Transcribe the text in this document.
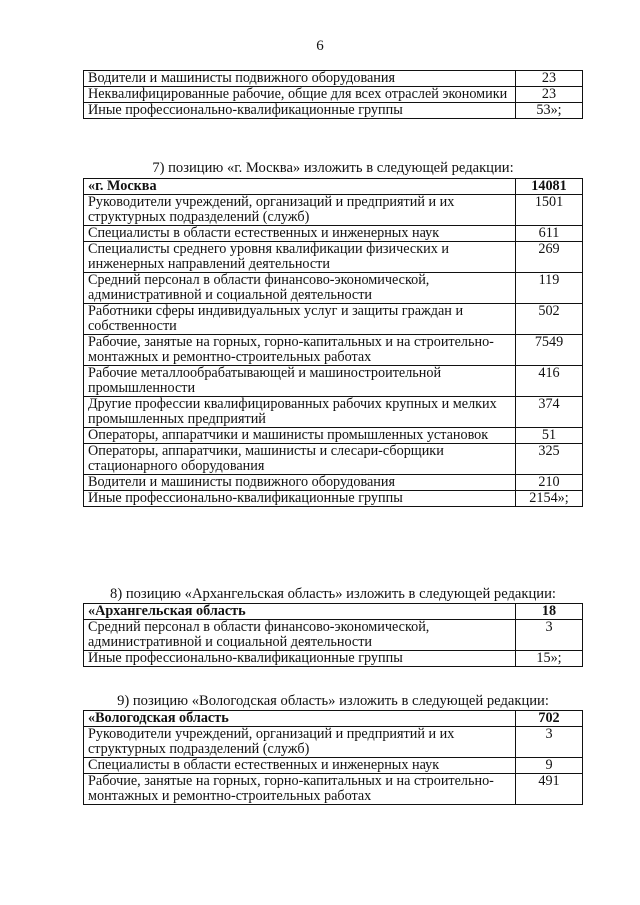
6
Водители и машинисты подвижного оборудования	23
Неквалифицированные рабочие, общие для всех отраслей экономики	23
Иные профессионально-квалификационные группы	53»;
7) позицию «г. Москва» изложить в следующей редакции:
«г. Москва	14081
Руководители учреждений, организаций и предприятий и их структурных подразделений (служб)	1501
Специалисты в области естественных и инженерных наук	611
Специалисты среднего уровня квалификации физических и инженерных направлений деятельности	269
Средний персонал в области финансово-экономической, административной и социальной деятельности	119
Работники сферы индивидуальных услуг и защиты граждан и собственности	502
Рабочие, занятые на горных, горно-капитальных и на строительно-монтажных и ремонтно-строительных работах	7549
Рабочие металлообрабатывающей и машиностроительной промышленности	416
Другие профессии квалифицированных рабочих крупных и мелких промышленных предприятий	374
Операторы, аппаратчики и машинисты промышленных установок	51
Операторы, аппаратчики, машинисты и слесари-сборщики стационарного оборудования	325
Водители и машинисты подвижного оборудования	210
Иные профессионально-квалификационные группы	2154»;
8) позицию «Архангельская область» изложить в следующей редакции:
«Архангельская область	18
Средний персонал в области финансово-экономической, административной и социальной деятельности	3
Иные профессионально-квалификационные группы	15»;
9) позицию «Вологодская область» изложить в следующей редакции:
«Вологодская область	702
Руководители учреждений, организаций и предприятий и их структурных подразделений (служб)	3
Специалисты в области естественных и инженерных наук	9
Рабочие, занятые на горных, горно-капитальных и на строительно-монтажных и ремонтно-строительных работах	491
